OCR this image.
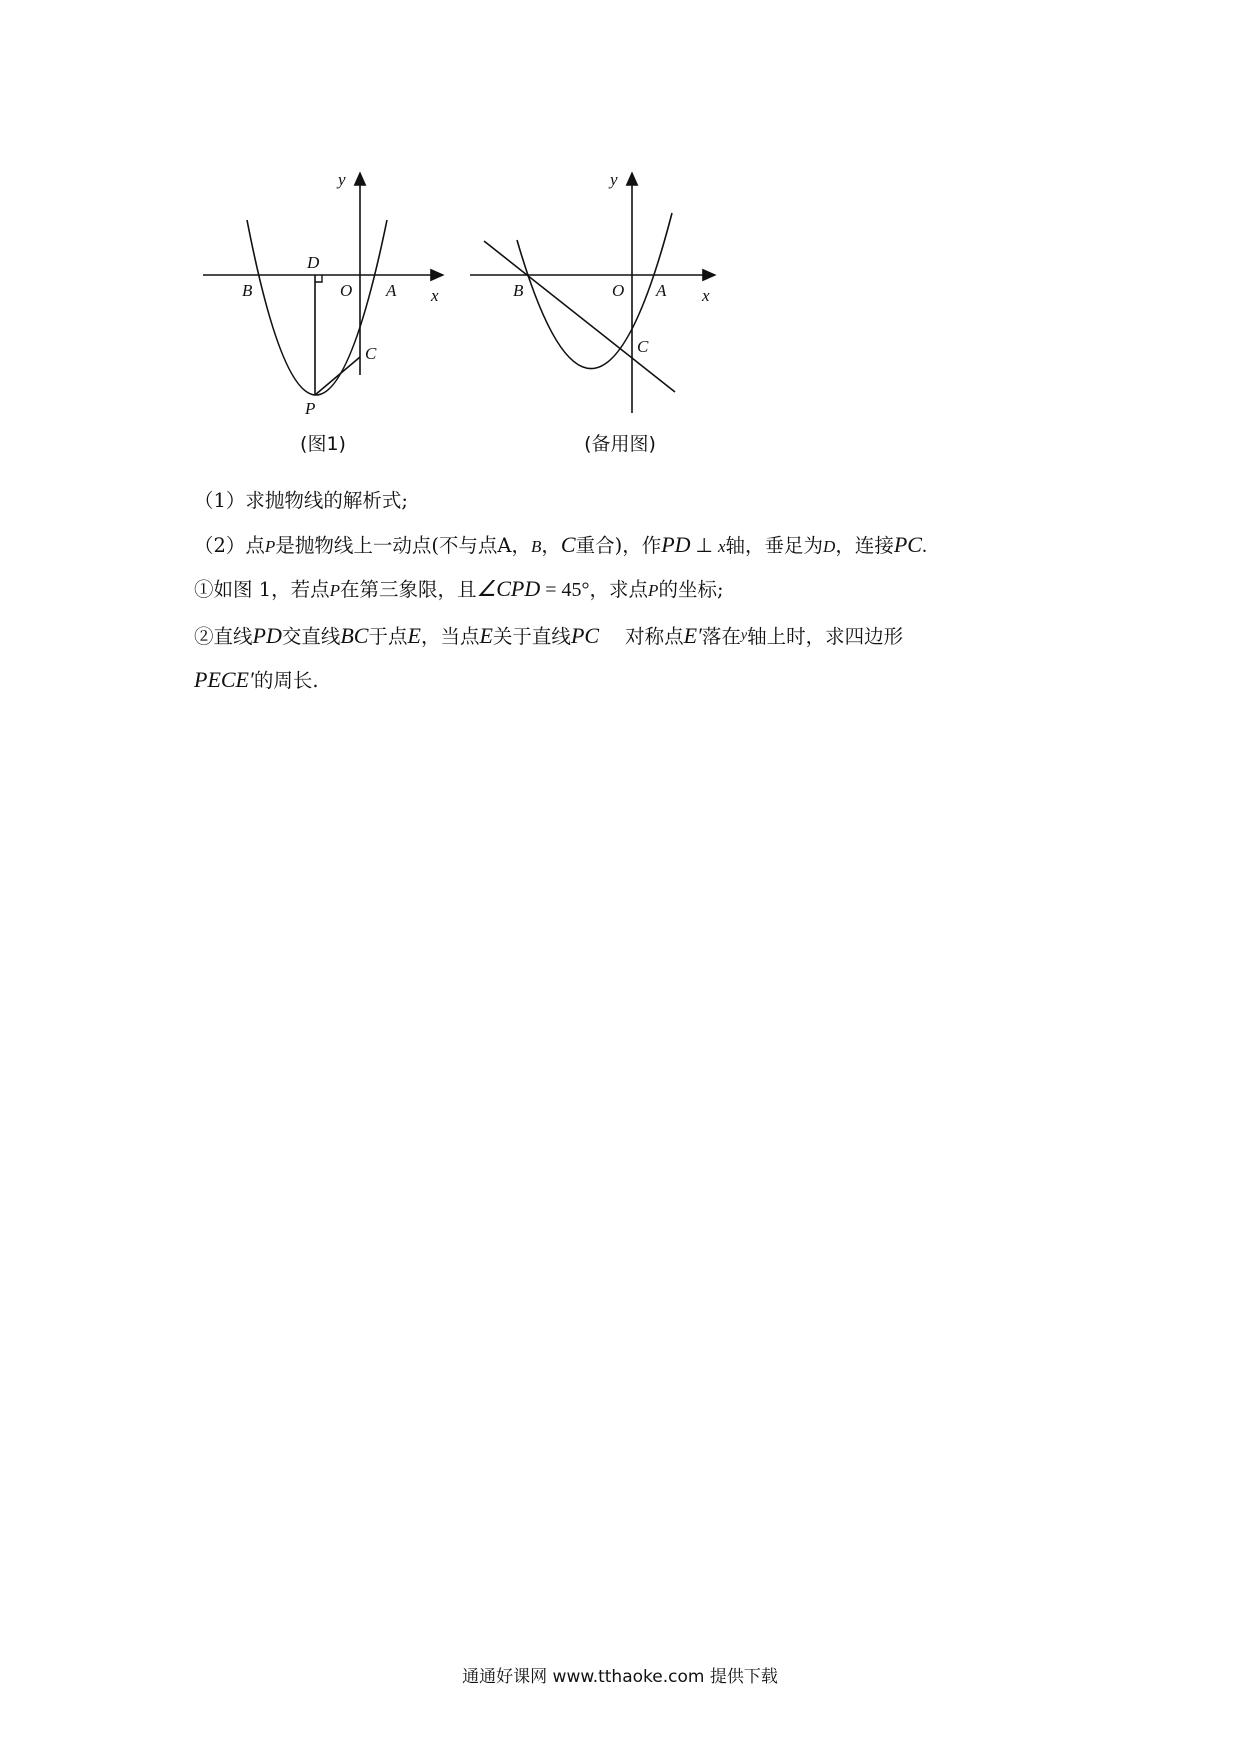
y
x
D
O A
B
C
P
(图1)
y
x
O A
B
C
(备用图)
（1）求抛物线的解析式;
（2）点P是抛物线上一动点(不与点A，B，C重合)，作PD ⊥ x轴，垂足为D，连接PC.
①如图 1，若点P在第三象限，且∠CPD = 45°，求点P的坐标;
②直线PD交直线BC于点E，当点E关于直线PC 对称点E′落在$^y$轴上时，求四边形
PECE′的周长.
通通好课网 www.tthaoke.com 提供下载
